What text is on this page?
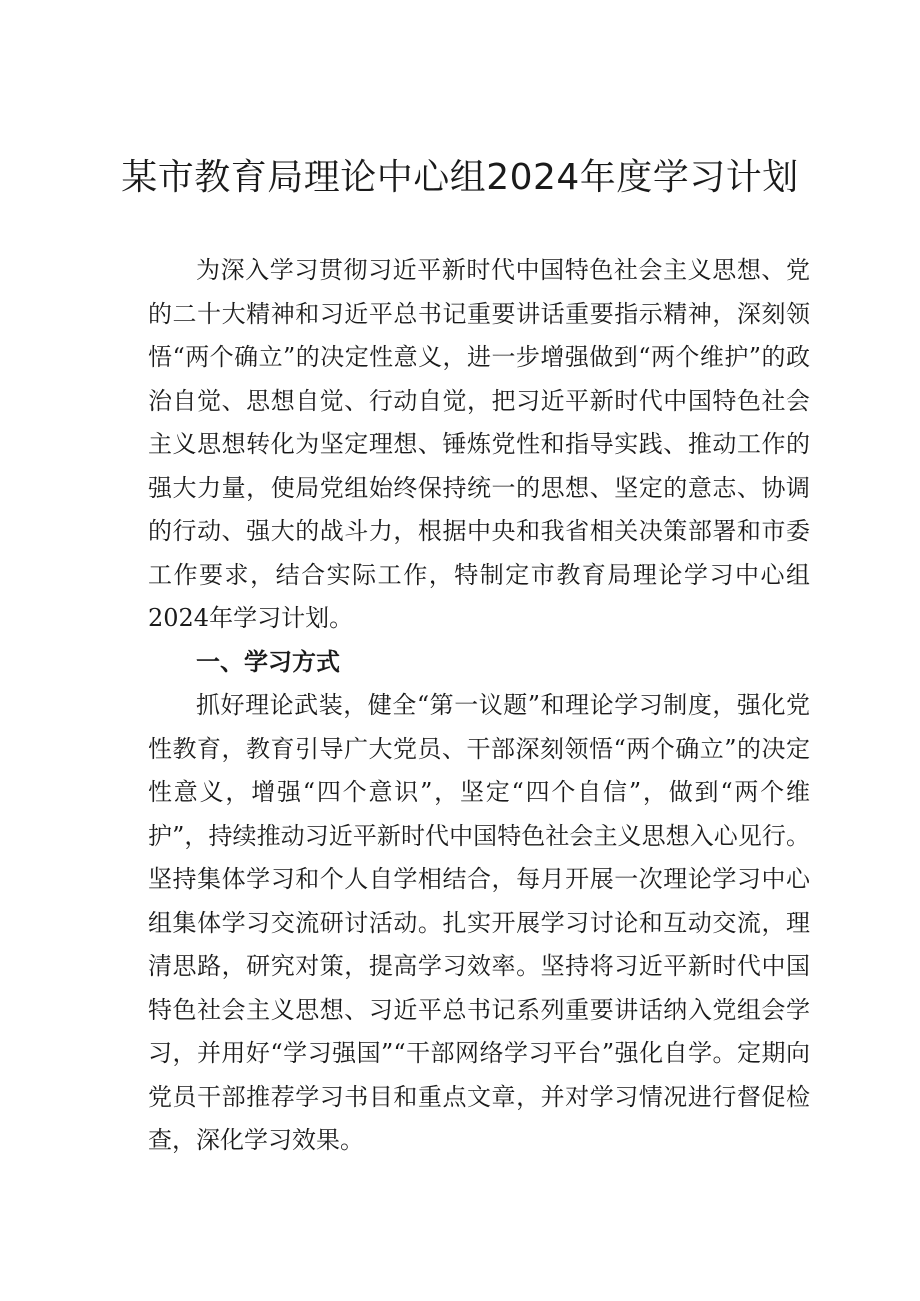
某市教育局理论中心组2024年度学习计划

为深入学习贯彻习近平新时代中国特色社会主义思想、党的二十大精神和习近平总书记重要讲话重要指示精神，深刻领悟“两个确立”的决定性意义，进一步增强做到“两个维护”的政治自觉、思想自觉、行动自觉，把习近平新时代中国特色社会主义思想转化为坚定理想、锤炼党性和指导实践、推动工作的强大力量，使局党组始终保持统一的思想、坚定的意志、协调的行动、强大的战斗力，根据中央和我省相关决策部署和市委工作要求，结合实际工作，特制定市教育局理论学习中心组2024年学习计划。

一、学习方式

抓好理论武装，健全“第一议题”和理论学习制度，强化党性教育，教育引导广大党员、干部深刻领悟“两个确立”的决定性意义，增强“四个意识”，坚定“四个自信”，做到“两个维护”，持续推动习近平新时代中国特色社会主义思想入心见行。坚持集体学习和个人自学相结合，每月开展一次理论学习中心组集体学习交流研讨活动。扎实开展学习讨论和互动交流，理清思路，研究对策，提高学习效率。坚持将习近平新时代中国特色社会主义思想、习近平总书记系列重要讲话纳入党组会学习，并用好“学习强国”“干部网络学习平台”强化自学。定期向党员干部推荐学习书目和重点文章，并对学习情况进行督促检查，深化学习效果。
